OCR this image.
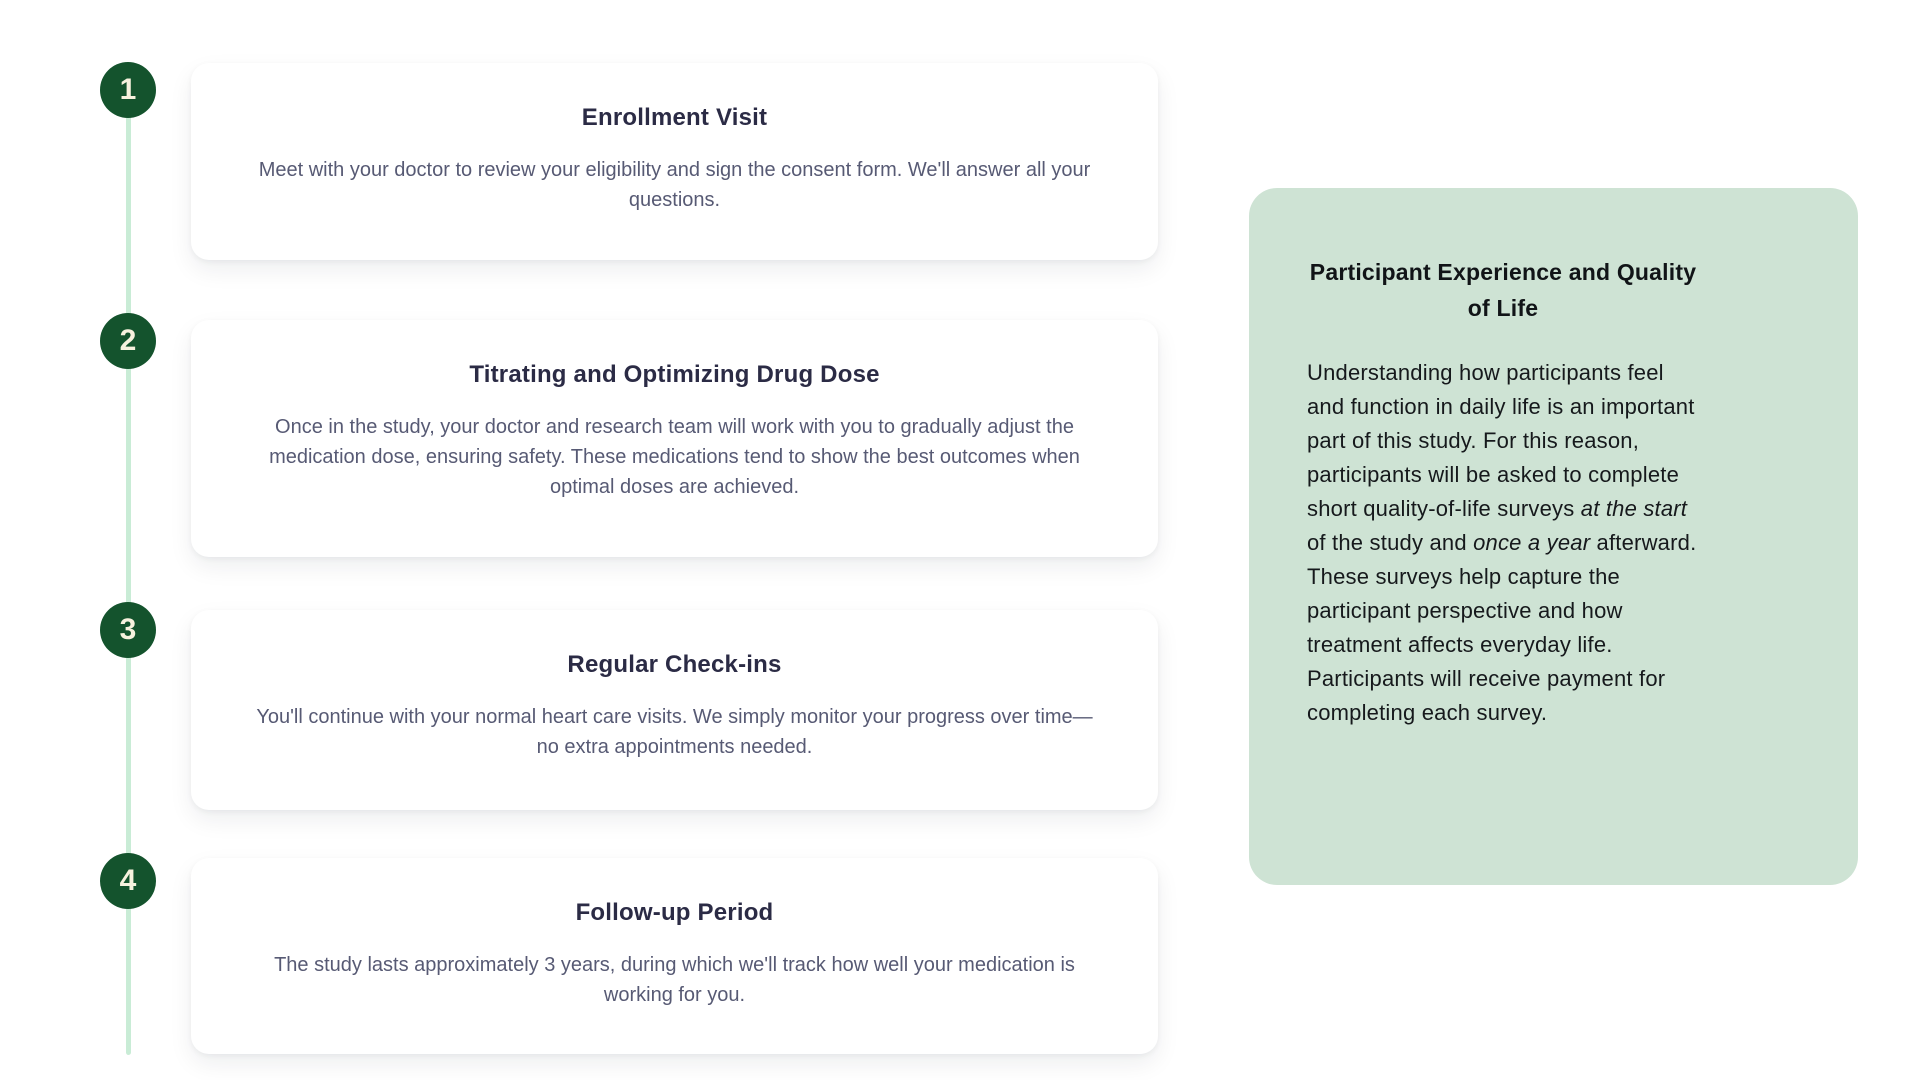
1
2
3
4
Enrollment Visit

Meet with your doctor to review your eligibility and sign the consent form. We'll answer all your questions.

Titrating and Optimizing Drug Dose

Once in the study, your doctor and research team will work with you to gradually adjust the medication dose, ensuring safety. These medications tend to show the best outcomes when optimal doses are achieved.

Regular Check-ins

You'll continue with your normal heart care visits. We simply monitor your progress over time—no extra appointments needed.

Follow-up Period

The study lasts approximately 3 years, during which we'll track how well your medication is working for you.

Participant Experience and Quality of Life

Understanding how participants feel and function in daily life is an important part of this study. For this reason, participants will be asked to complete short quality-of-life surveys at the start of the study and once a year afterward. These surveys help capture the participant perspective and how treatment affects everyday life. Participants will receive payment for completing each survey.
